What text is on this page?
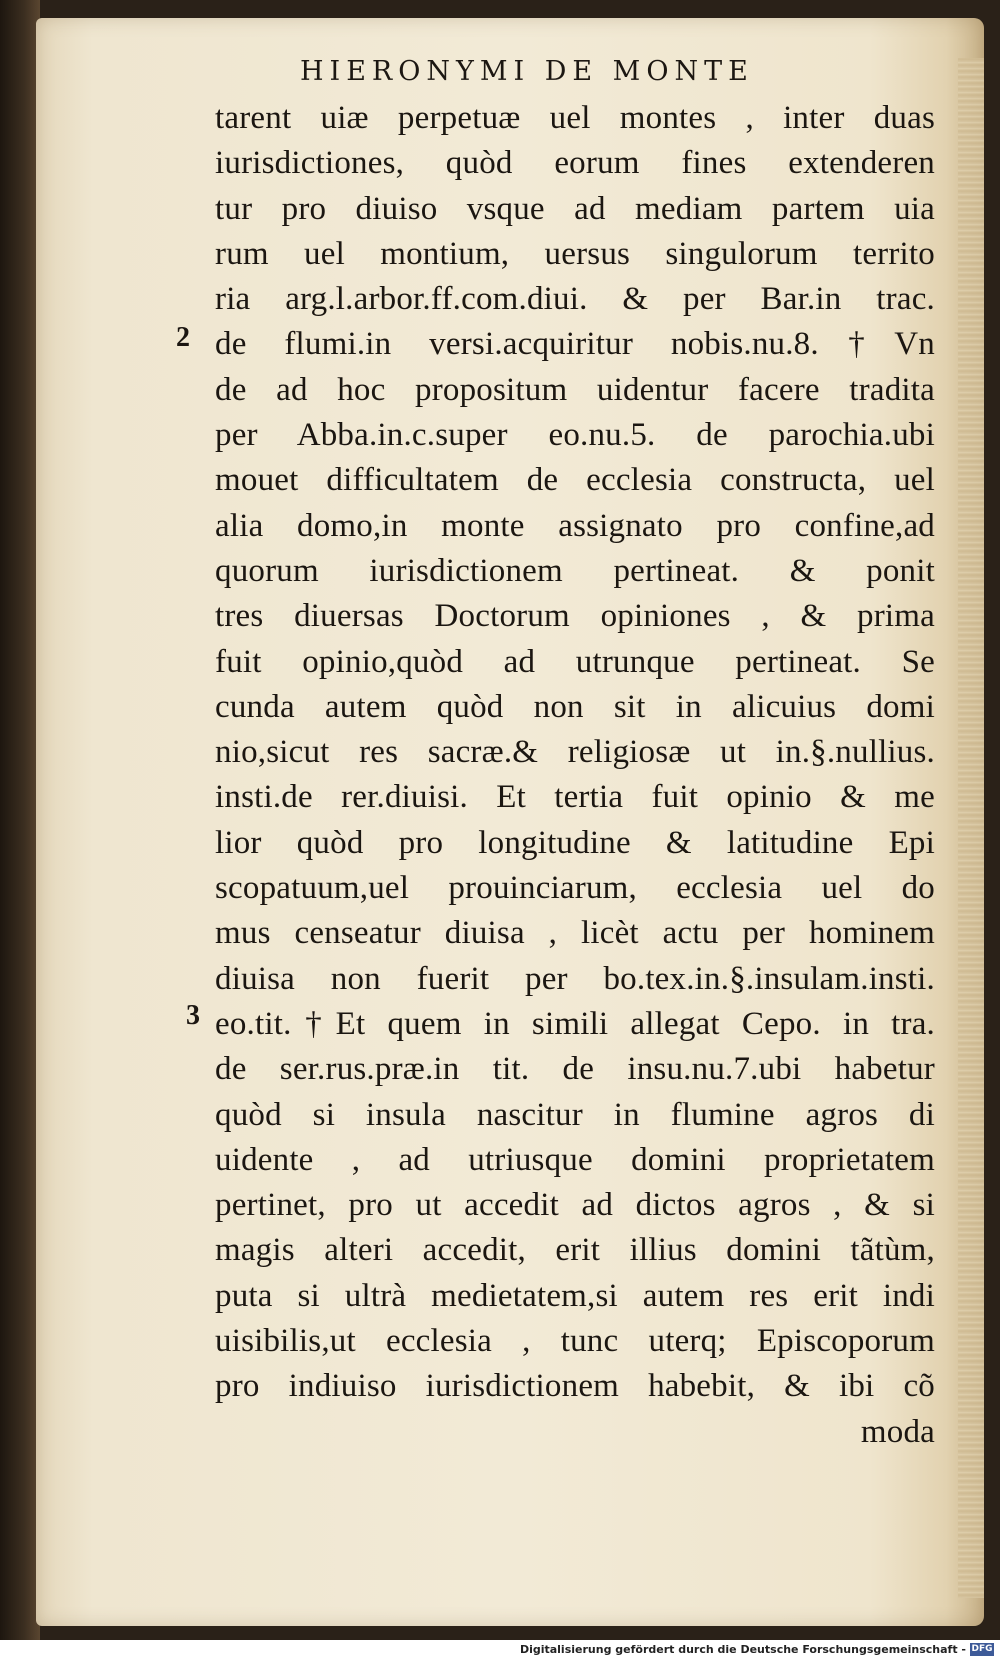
HIERONYMI DE MONTE
2
3
tarent uiæ perpetuæ uel montes , inter duas
iurisdictiones, quòd eorum fines extenderen
tur pro diuiso vsque ad mediam partem uia
rum uel montium, uersus singulorum territo
ria arg.l.arbor.ff.com.diui. & per Bar.in trac.
de flumi.in versi.acquiritur nobis.nu.8.†Vn
de ad hoc propositum uidentur facere tradita
per Abba.in.c.super eo.nu.5. de parochia.ubi
mouet difficultatem de ecclesia constructa, uel
alia domo,in monte assignato pro confine,ad
quorum iurisdictionem pertineat. & ponit
tres diuersas Doctorum opiniones , & prima
fuit opinio,quòd ad utrunque pertineat. Se
cunda autem quòd non sit in alicuius domi
nio,sicut res sacræ.& religiosæ ut in.§.nullius.
insti.de rer.diuisi. Et tertia fuit opinio & me
lior quòd pro longitudine & latitudine Epi
scopatuum,uel prouinciarum, ecclesia uel do
mus censeatur diuisa , licèt actu per hominem
diuisa non fuerit per bo.tex.in.§.insulam.insti.
eo.tit.†Et quem in simili allegat Cepo. in tra.
de ser.rus.præ.in tit. de insu.nu.7.ubi habetur
quòd si insula nascitur in flumine agros di
uidente , ad utriusque domini proprietatem
pertinet, pro ut accedit ad dictos agros , & si
magis alteri accedit, erit illius domini tãtùm,
puta si ultrà medietatem,si autem res erit indi
uisibilis,ut ecclesia , tunc uterq; Episcoporum
pro indiuiso iurisdictionem habebit, & ibi cõ
moda
Digitalisierung gefördert durch die Deutsche Forschungsgemeinschaft - DFG
